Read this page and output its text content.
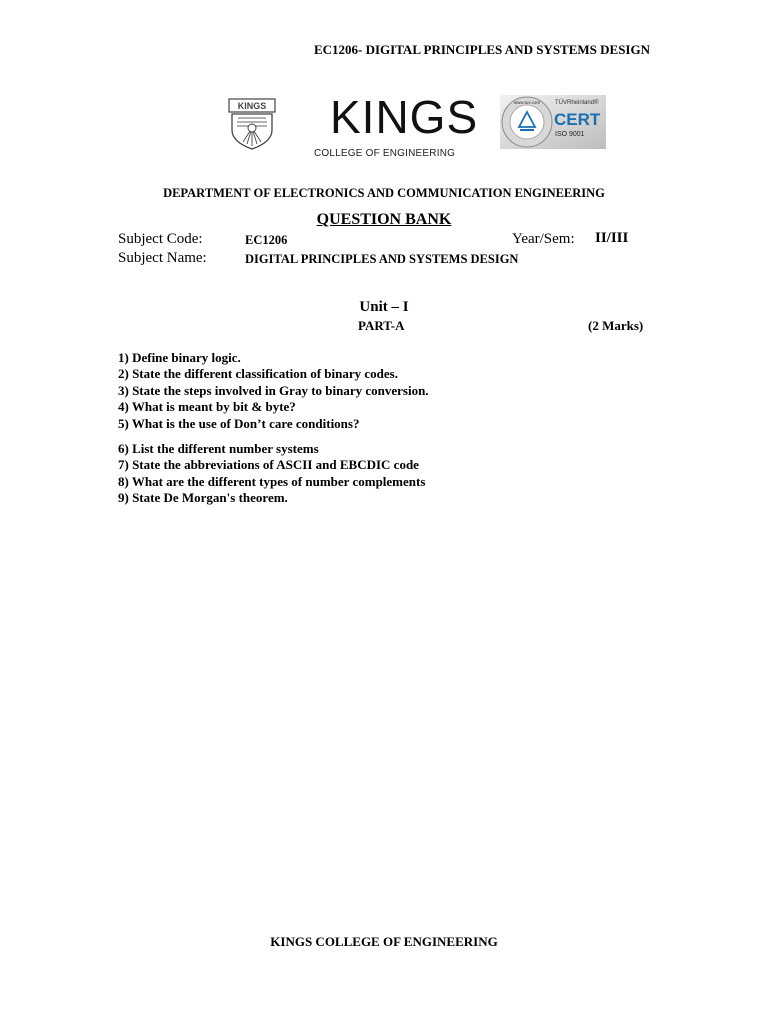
EC1206- DIGITAL PRINCIPLES AND SYSTEMS DESIGN
KINGS KINGS
COLLEGE OF ENGINEERING
www.tuv.com TÜVRheinland®
CERT
ISO 9001
DEPARTMENT OF ELECTRONICS AND COMMUNICATION ENGINEERING
QUESTION BANK
Subject Code:	EC1206	Year/Sem: II/III
Subject Name:	DIGITAL PRINCIPLES AND SYSTEMS DESIGN
Unit – I
PART-A	(2 Marks)
1) Define binary logic.
2) State the different classification of binary codes.
3) State the steps involved in Gray to binary conversion.
4) What is meant by bit & byte?
5) What is the use of Don’t care conditions?
6) List the different number systems
7) State the abbreviations of ASCII and EBCDIC code
8) What are the different types of number complements
9) State De Morgan's theorem.
KINGS COLLEGE OF ENGINEERING
